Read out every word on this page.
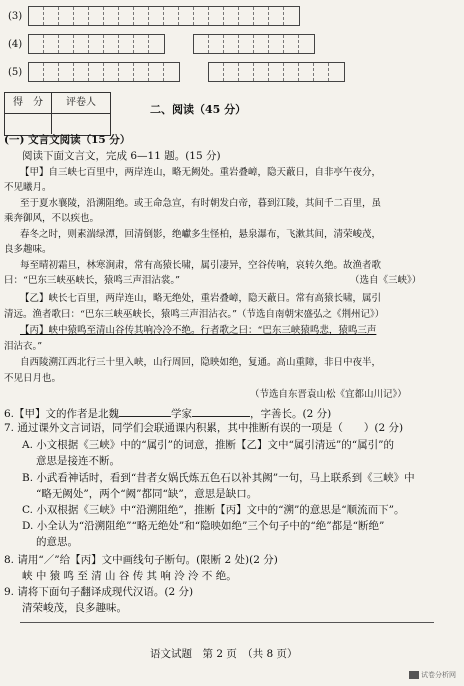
(3)
(4)
(5)
得　分	评卷人
二、阅读（45 分）
(一) 文言文阅读（15 分）
阅读下面文言文，完成 6—11 题。(15 分)
【甲】自三峡七百里中，两岸连山，略无阙处。重岩叠嶂，隐天蔽日，自非亭午夜分，
不见曦月。
至于夏水襄陵，沿溯阻绝。或王命急宣，有时朝发白帝，暮到江陵，其间千二百里，虽
乘奔御风，不以疾也。
春冬之时，则素湍绿潭，回清倒影，绝巘多生怪柏，悬泉瀑布，飞漱其间，清荣峻茂，
良多趣味。
每至晴初霜旦，林寒涧肃，常有高猿长啸，属引凄异，空谷传响，哀转久绝。故渔者歌
曰：“巴东三峡巫峡长，猿鸣三声泪沾裳。”	（选自《三峡》）
【乙】峡长七百里，两岸连山，略无绝处，重岩叠嶂，隐天蔽日。常有高猿长啸，属引
清远。渔者歌曰：“巴东三峡巫峡长，猿鸣三声泪沾衣。”（节选自南朝宋盛弘之《荆州记》）
【丙】峡中猿鸣至清山谷传其响冷冷不绝。行者歌之曰：“巴东三峡猿鸣悲，猿鸣三声
泪沾衣。”
自西陵溯江西北行三十里入峡，山行周回，隐映如绝，复通。高山重障，非日中夜半，
不见日月也。
（节选自东晋袁山松《宜都山川记》）
6.【甲】文的作者是北魏	学家	，字善长。(2 分)
7. 通过课外文言词语，同学们会联通课内积累，其中推断有误的一项是（　　）(2 分)
A. 小文根据《三峡》中的“属引”的词意，推断【乙】文中“属引清远”的“属引”的
意思是接连不断。
B. 小武看神话时，看到“昔者女娲氏炼五色石以补其阙”一句，马上联系到《三峡》中
“略无阙处”，两个“阙”都同“缺”，意思是缺口。
C. 小双根据《三峡》中“沿溯阻绝”，推断【丙】文中的“溯”的意思是“顺流而下”。
D. 小全认为“沿溯阻绝”“略无绝处”和“隐映如绝”三个句子中的“绝”都是“断绝”
的意思。
8. 请用“／”给【丙】文中画线句子断句。(限断 2 处)(2 分)
峡 中 猿 鸣 至 清 山 谷 传 其 响 泠 泠 不 绝。
9. 请将下面句子翻译成现代汉语。(2 分)
清荣峻茂，良多趣味。
语文试题　第 2 页　（共 8 页）
试卷分析网
